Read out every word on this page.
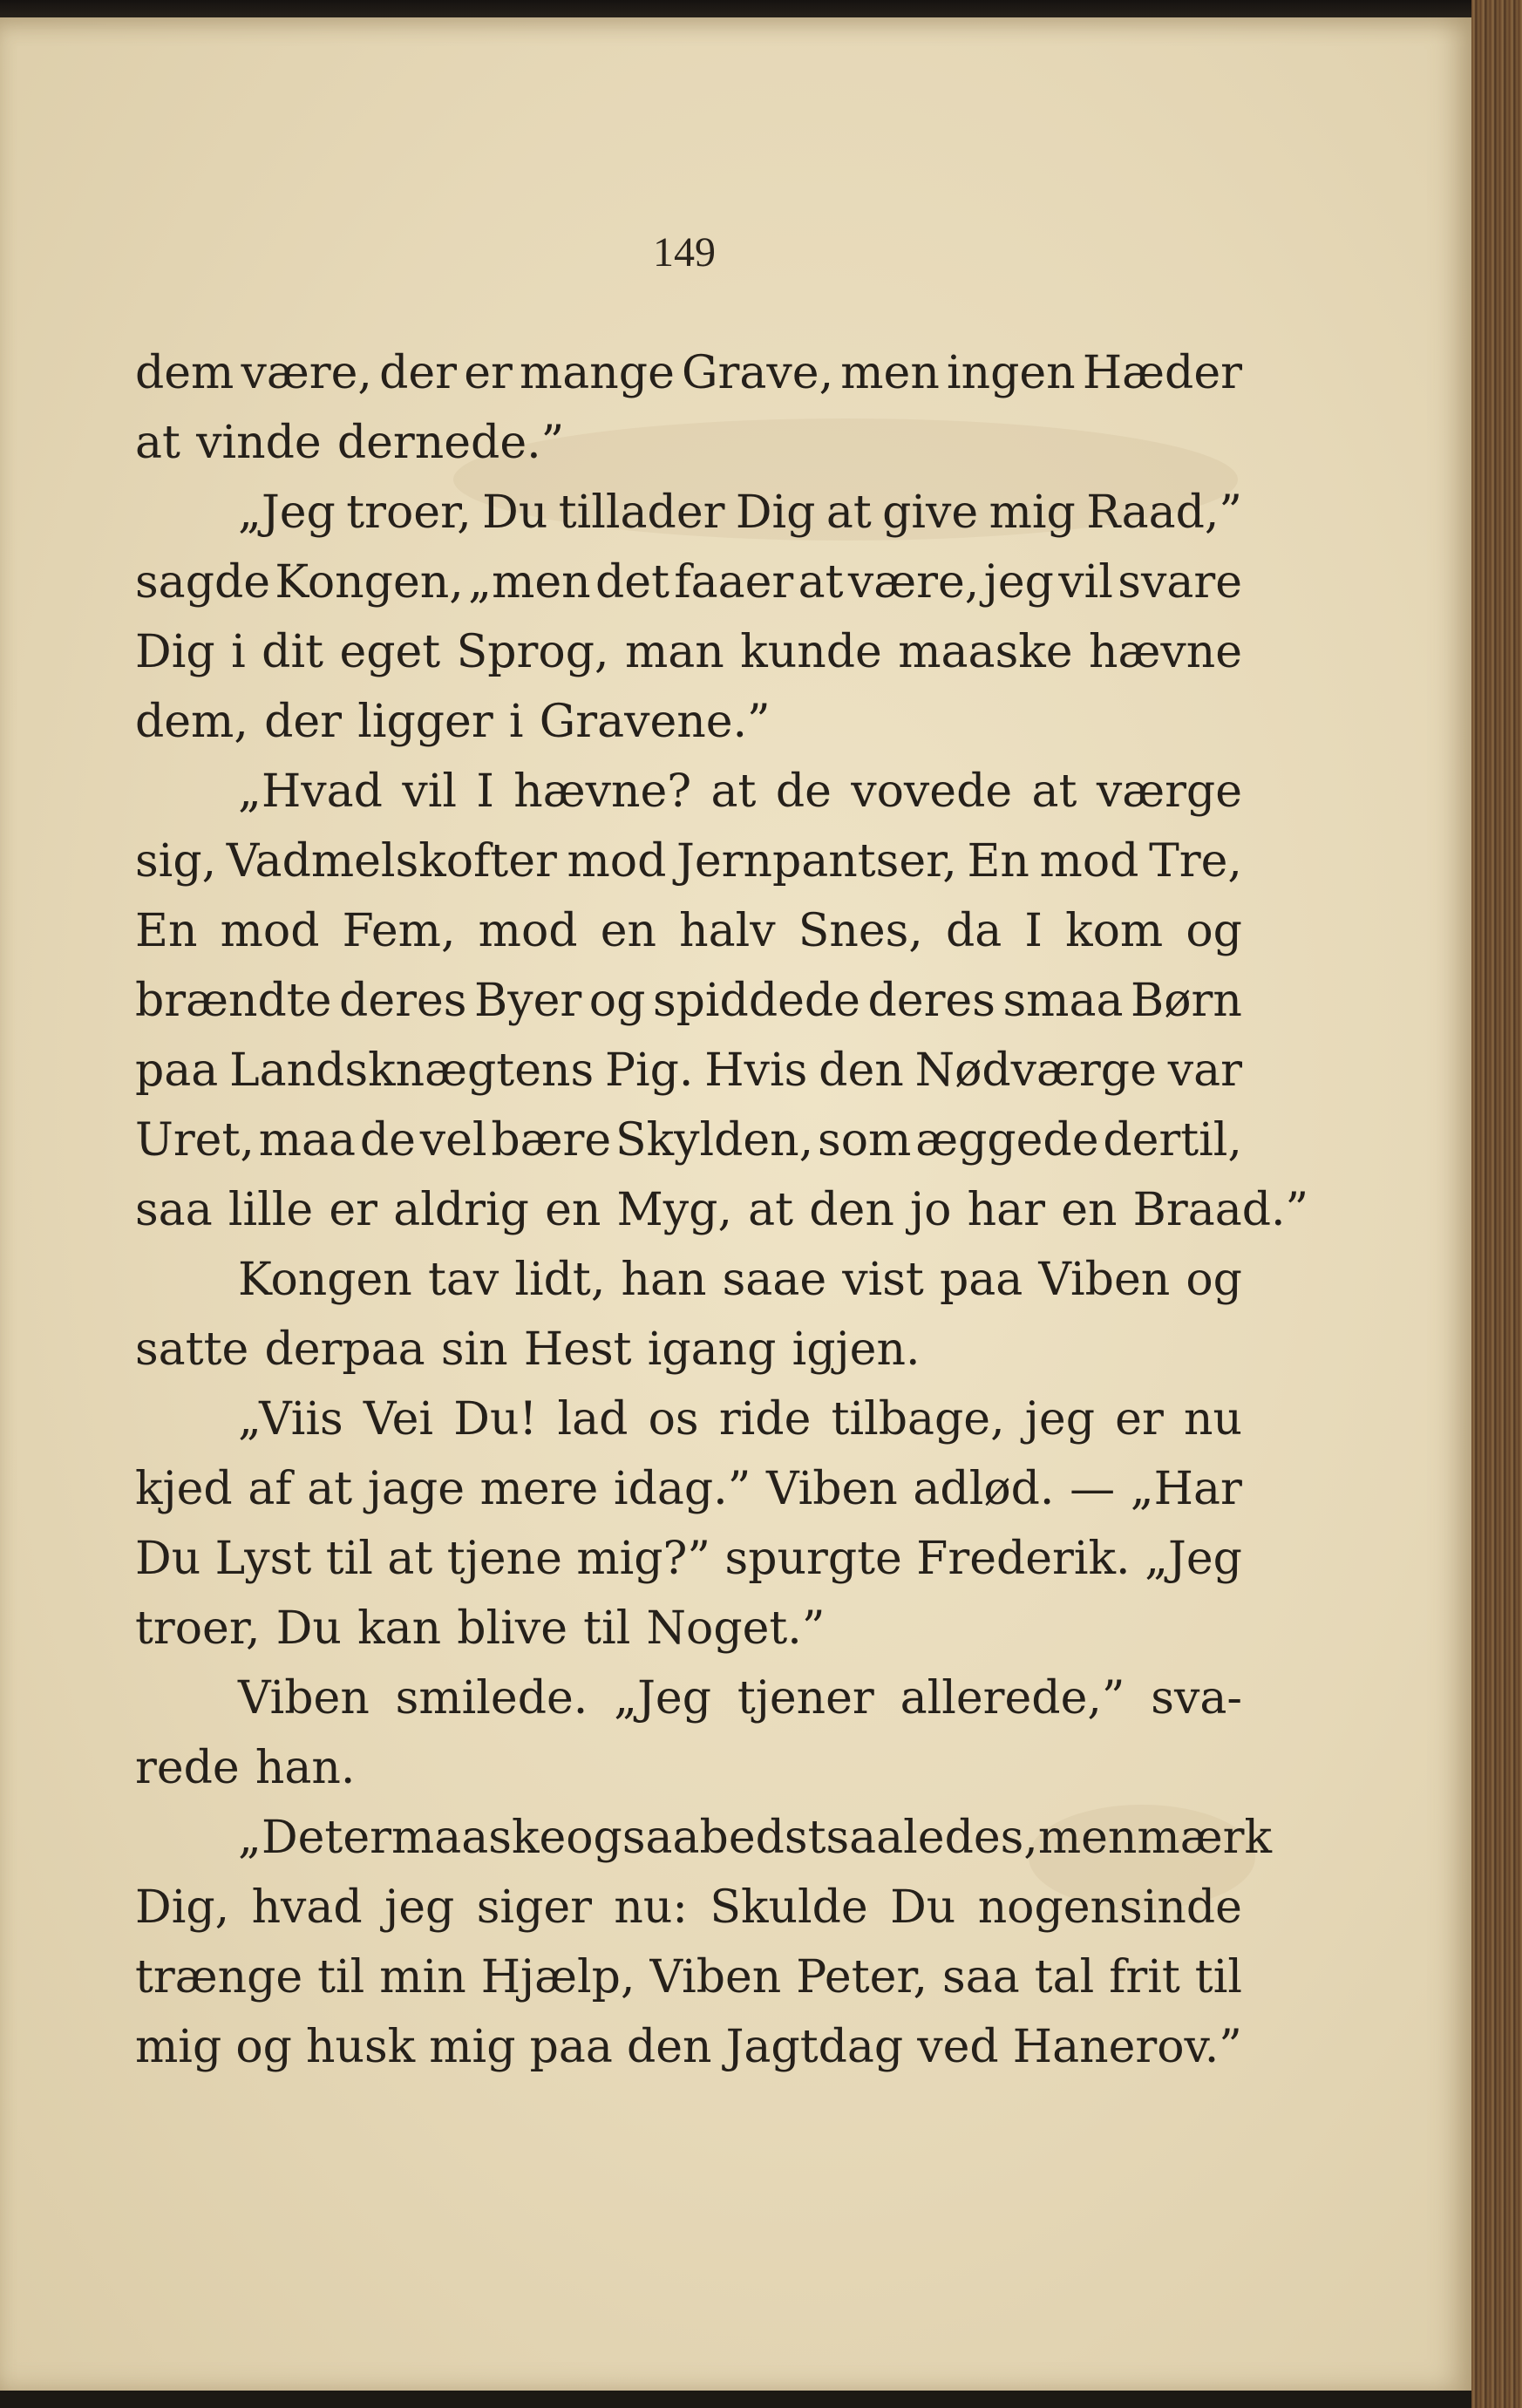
149
dem være, der er mange Grave, men ingen Hæder
at vinde dernede.”
„Jeg troer, Du tillader Dig at give mig Raad,”
sagde Kongen, „men det faaer at være, jeg vil svare
Dig i dit eget Sprog, man kunde maaske hævne
dem, der ligger i Gravene.”
„Hvad vil I hævne? at de vovede at værge
sig, Vadmelskofter mod Jernpantser, En mod Tre,
En mod Fem, mod en halv Snes, da I kom og
brændte deres Byer og spiddede deres smaa Børn
paa Landsknægtens Pig. Hvis den Nødværge var
Uret, maa de vel bære Skylden, som æggede dertil,
saa lille er aldrig en Myg, at den jo har en Braad.”
Kongen tav lidt, han saae vist paa Viben og
satte derpaa sin Hest igang igjen.
„Viis Vei Du! lad os ride tilbage, jeg er nu
kjed af at jage mere idag.” Viben adlød. — „Har
Du Lyst til at tjene mig?” spurgte Frederik. „Jeg
troer, Du kan blive til Noget.”
Viben smilede. „Jeg tjener allerede,” sva-
rede han.
„Det er maaske ogsaa bedst saaledes, men mærk
Dig, hvad jeg siger nu: Skulde Du nogensinde
trænge til min Hjælp, Viben Peter, saa tal frit til
mig og husk mig paa den Jagtdag ved Hanerov.”
